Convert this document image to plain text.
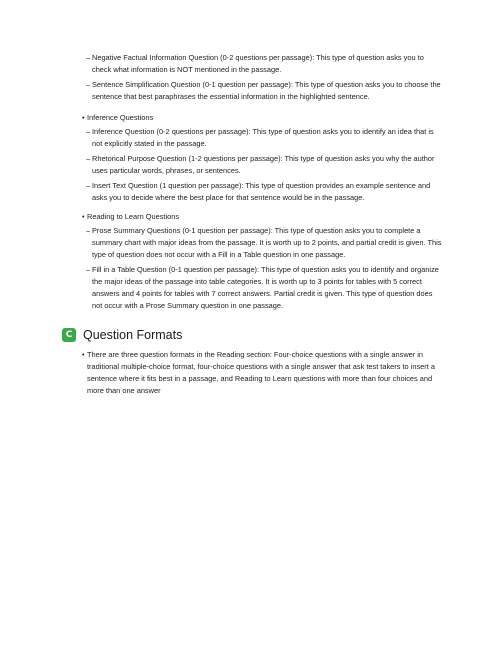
– Negative Factual Information Question (0-2 questions per passage): This type of question asks you to check what information is NOT mentioned in the passage.
– Sentence Simplification Question (0-1 question per passage): This type of question asks you to choose the sentence that best paraphrases the essential information in the highlighted sentence.
• Inference Questions
– Inference Question (0-2 questions per passage): This type of question asks you to identify an idea that is not explicitly stated in the passage.
– Rhetorical Purpose Question (1-2 questions per passage): This type of question asks you why the author uses particular words, phrases, or sentences.
– Insert Text Question (1 question per passage): This type of question provides an example sentence and asks you to decide where the best place for that sentence would be in the passage.
• Reading to Learn Questions
– Prose Summary Questions (0-1 question per passage): This type of question asks you to complete a summary chart with major ideas from the passage. It is worth up to 2 points, and partial credit is given. This type of question does not occur with a Fill in a Table question in one passage.
– Fill in a Table Question (0-1 question per passage): This type of question asks you to identify and organize the major ideas of the passage into table categories. It is worth up to 3 points for tables with 5 correct answers and 4 points for tables with 7 correct answers. Partial credit is given. This type of question does not occur with a Prose Summary question in one passage.
C Question Formats
• There are three question formats in the Reading section: Four-choice questions with a single answer in traditional multiple-choice format, four-choice questions with a single answer that ask test takers to insert a sentence where it fits best in a passage, and Reading to Learn questions with more than four choices and more than one answer
